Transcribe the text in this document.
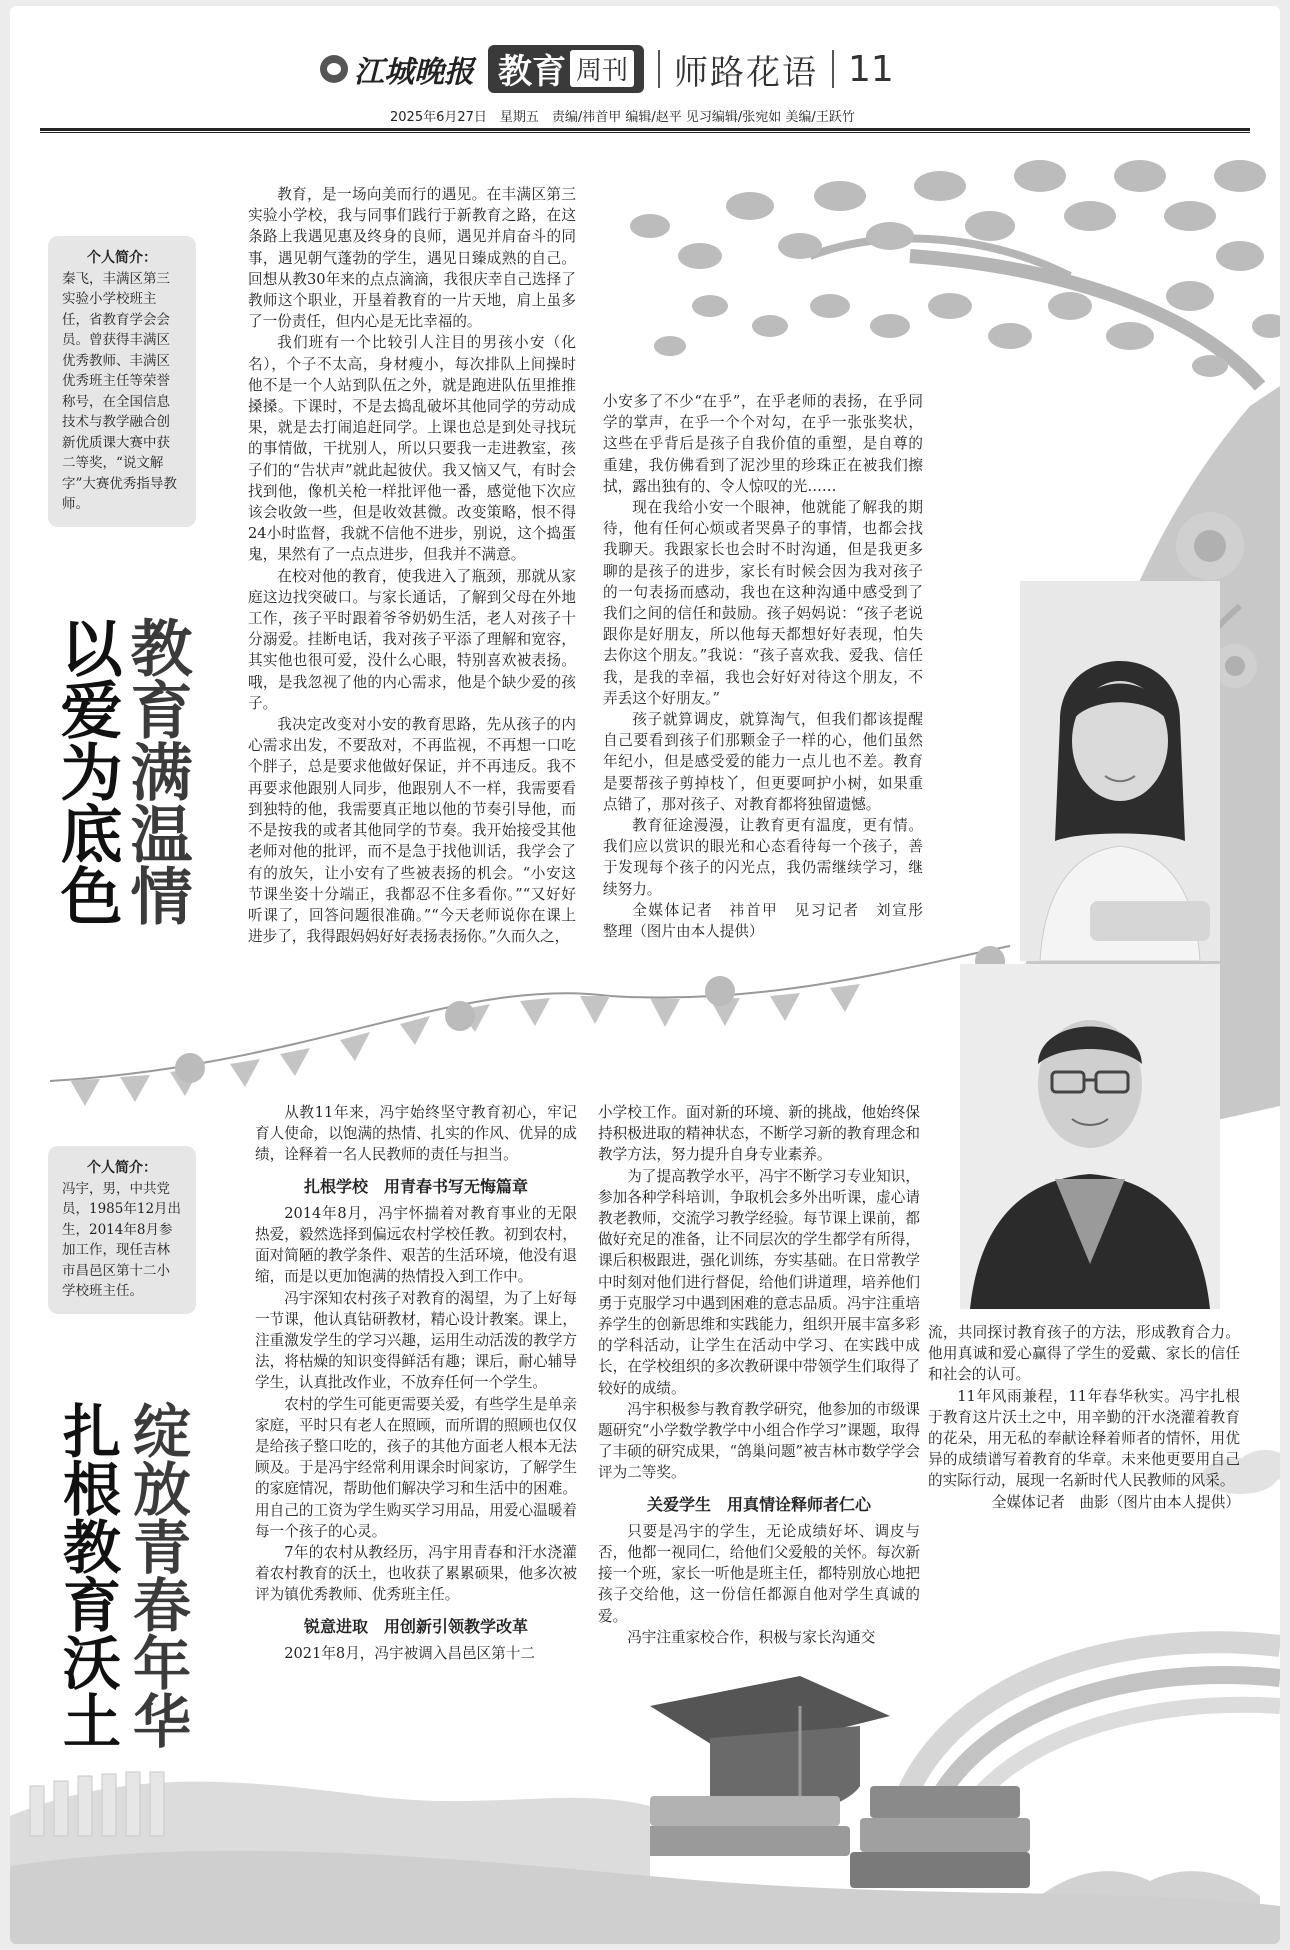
江城晚报 教育 周刊 师路花语 11
2025年6月27日　星期五　责编/祎首甲 编辑/赵平 见习编辑/张宛如 美编/王跃竹
个人简介：
秦飞，丰满区第三实验小学校班主任，省教育学会会员。曾获得丰满区优秀教师、丰满区优秀班主任等荣誉称号，在全国信息技术与教学融合创新优质课大赛中获二等奖，“说文解字”大赛优秀指导教师。
教育满温情
以爱为底色

教育，是一场向美而行的遇见。在丰满区第三实验小学校，我与同事们践行于新教育之路，在这条路上我遇见惠及终身的良师，遇见并肩奋斗的同事，遇见朝气蓬勃的学生，遇见日臻成熟的自己。回想从教30年来的点点滴滴，我很庆幸自己选择了教师这个职业，开垦着教育的一片天地，肩上虽多了一份责任，但内心是无比幸福的。

我们班有一个比较引人注目的男孩小安（化名），个子不太高，身材瘦小，每次排队上间操时他不是一个人站到队伍之外，就是跑进队伍里推推搡搡。下课时，不是去捣乱破坏其他同学的劳动成果，就是去打闹追赶同学。上课也总是到处寻找玩的事情做，干扰别人，所以只要我一走进教室，孩子们的“告状声”就此起彼伏。我又恼又气，有时会找到他，像机关枪一样批评他一番，感觉他下次应该会收敛一些，但是收效甚微。改变策略，恨不得24小时监督，我就不信他不进步，别说，这个捣蛋鬼，果然有了一点点进步，但我并不满意。

在校对他的教育，使我进入了瓶颈，那就从家庭这边找突破口。与家长通话，了解到父母在外地工作，孩子平时跟着爷爷奶奶生活，老人对孩子十分溺爱。挂断电话，我对孩子平添了理解和宽容，其实他也很可爱，没什么心眼，特别喜欢被表扬。哦，是我忽视了他的内心需求，他是个缺少爱的孩子。

我决定改变对小安的教育思路，先从孩子的内心需求出发，不要敌对，不再监视，不再想一口吃个胖子，总是要求他做好保证，并不再违反。我不再要求他跟别人同步，他跟别人不一样，我需要看到独特的他，我需要真正地以他的节奏引导他，而不是按我的或者其他同学的节奏。我开始接受其他老师对他的批评，而不是急于找他训话，我学会了有的放矢，让小安有了些被表扬的机会。“小安这节课坐姿十分端正，我都忍不住多看你。”“又好好听课了，回答问题很准确。”“今天老师说你在课上进步了，我得跟妈妈好好表扬表扬你。”久而久之，

小安多了不少“在乎”，在乎老师的表扬，在乎同学的掌声，在乎一个个对勾，在乎一张张奖状，这些在乎背后是孩子自我价值的重塑，是自尊的重建，我仿佛看到了泥沙里的珍珠正在被我们擦拭，露出独有的、令人惊叹的光……

现在我给小安一个眼神，他就能了解我的期待，他有任何心烦或者哭鼻子的事情，也都会找我聊天。我跟家长也会时不时沟通，但是我更多聊的是孩子的进步，家长有时候会因为我对孩子的一句表扬而感动，我也在这种沟通中感受到了我们之间的信任和鼓励。孩子妈妈说：“孩子老说跟你是好朋友，所以他每天都想好好表现，怕失去你这个朋友。”我说：“孩子喜欢我、爱我、信任我，是我的幸福，我也会好好对待这个朋友，不弄丢这个好朋友。”

孩子就算调皮，就算淘气，但我们都该提醒自己要看到孩子们那颗金子一样的心，他们虽然年纪小，但是感受爱的能力一点儿也不差。教育是要帮孩子剪掉枝丫，但更要呵护小树，如果重点错了，那对孩子、对教育都将独留遗憾。

教育征途漫漫，让教育更有温度，更有情。我们应以赏识的眼光和心态看待每一个孩子，善于发现每个孩子的闪光点，我仍需继续学习，继续努力。

全媒体记者　祎首甲　见习记者　刘宣彤　整理（图片由本人提供）

个人简介：
冯宇，男，中共党员，1985年12月出生，2014年8月参加工作，现任吉林市昌邑区第十二小学校班主任。
绽放青春年华
扎根教育沃土

从教11年来，冯宇始终坚守教育初心，牢记育人使命，以饱满的热情、扎实的作风、优异的成绩，诠释着一名人民教师的责任与担当。

扎根学校　用青春书写无悔篇章

2014年8月，冯宇怀揣着对教育事业的无限热爱，毅然选择到偏远农村学校任教。初到农村，面对简陋的教学条件、艰苦的生活环境，他没有退缩，而是以更加饱满的热情投入到工作中。

冯宇深知农村孩子对教育的渴望，为了上好每一节课，他认真钻研教材，精心设计教案。课上，注重激发学生的学习兴趣，运用生动活泼的教学方法，将枯燥的知识变得鲜活有趣；课后，耐心辅导学生，认真批改作业，不放弃任何一个学生。

农村的学生可能更需要关爱，有些学生是单亲家庭，平时只有老人在照顾，而所谓的照顾也仅仅是给孩子整口吃的，孩子的其他方面老人根本无法顾及。于是冯宇经常利用课余时间家访，了解学生的家庭情况，帮助他们解决学习和生活中的困难。用自己的工资为学生购买学习用品，用爱心温暖着每一个孩子的心灵。

7年的农村从教经历，冯宇用青春和汗水浇灌着农村教育的沃土，也收获了累累硕果，他多次被评为镇优秀教师、优秀班主任。

锐意进取　用创新引领教学改革

2021年8月，冯宇被调入昌邑区第十二

小学校工作。面对新的环境、新的挑战，他始终保持积极进取的精神状态，不断学习新的教育理念和教学方法，努力提升自身专业素养。

为了提高教学水平，冯宇不断学习专业知识，参加各种学科培训，争取机会多外出听课，虚心请教老教师，交流学习教学经验。每节课上课前，都做好充足的准备，让不同层次的学生都学有所得，课后积极跟进，强化训练，夯实基础。在日常教学中时刻对他们进行督促，给他们讲道理，培养他们勇于克服学习中遇到困难的意志品质。冯宇注重培养学生的创新思维和实践能力，组织开展丰富多彩的学科活动，让学生在活动中学习、在实践中成长，在学校组织的多次教研课中带领学生们取得了较好的成绩。

冯宇积极参与教育教学研究，他参加的市级课题研究“小学数学教学中小组合作学习”课题，取得了丰硕的研究成果，“鸽巢问题”被吉林市数学学会评为二等奖。

关爱学生　用真情诠释师者仁心

只要是冯宇的学生，无论成绩好坏、调皮与否，他都一视同仁，给他们父爱般的关怀。每次新接一个班，家长一听他是班主任，都特别放心地把孩子交给他，这一份信任都源自他对学生真诚的爱。

冯宇注重家校合作，积极与家长沟通交

流，共同探讨教育孩子的方法，形成教育合力。他用真诚和爱心赢得了学生的爱戴、家长的信任和社会的认可。

11年风雨兼程，11年春华秋实。冯宇扎根于教育这片沃土之中，用辛勤的汗水浇灌着教育的花朵，用无私的奉献诠释着师者的情怀，用优异的成绩谱写着教育的华章。未来他更要用自己的实际行动，展现一名新时代人民教师的风采。

全媒体记者　曲影（图片由本人提供）
